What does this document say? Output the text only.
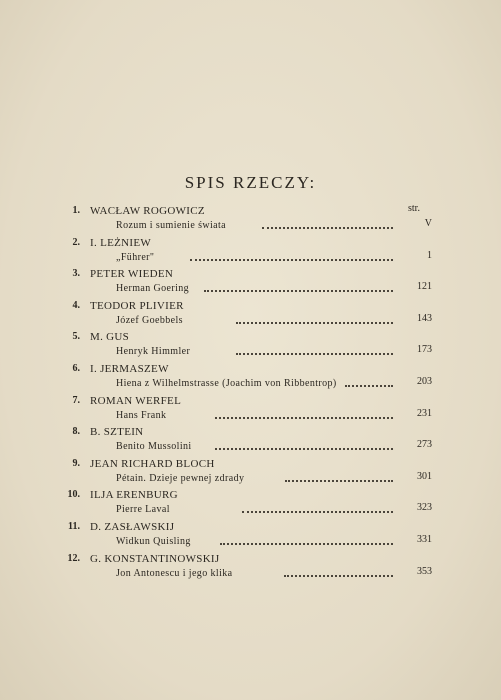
SPIS RZECZY:
str.
1. WACŁAW ROGOWICZ
Rozum i sumienie świata	V
2. I. LEŻNIEW
„Führer"	1
3. PETER WIEDEN
Herman Goering	121
4. TEODOR PLIVIER
Józef Goebbels	143
5. M. GUS
Henryk Himmler	173
6. I. JERMASZEW
Hiena z Wilhelmstrasse (Joachim von Ribbentrop)	203
7. ROMAN WERFEL
Hans Frank	231
8. B. SZTEIN
Benito Mussolini	273
9. JEAN RICHARD BLOCH
Pétain. Dzieje pewnej zdrady	301
10. ILJA ERENBURG
Pierre Laval	323
11. D. ZASŁAWSKIJ
Widkun Quisling	331
12. G. KONSTANTINOWSKIJ
Jon Antonescu i jego klika	353
